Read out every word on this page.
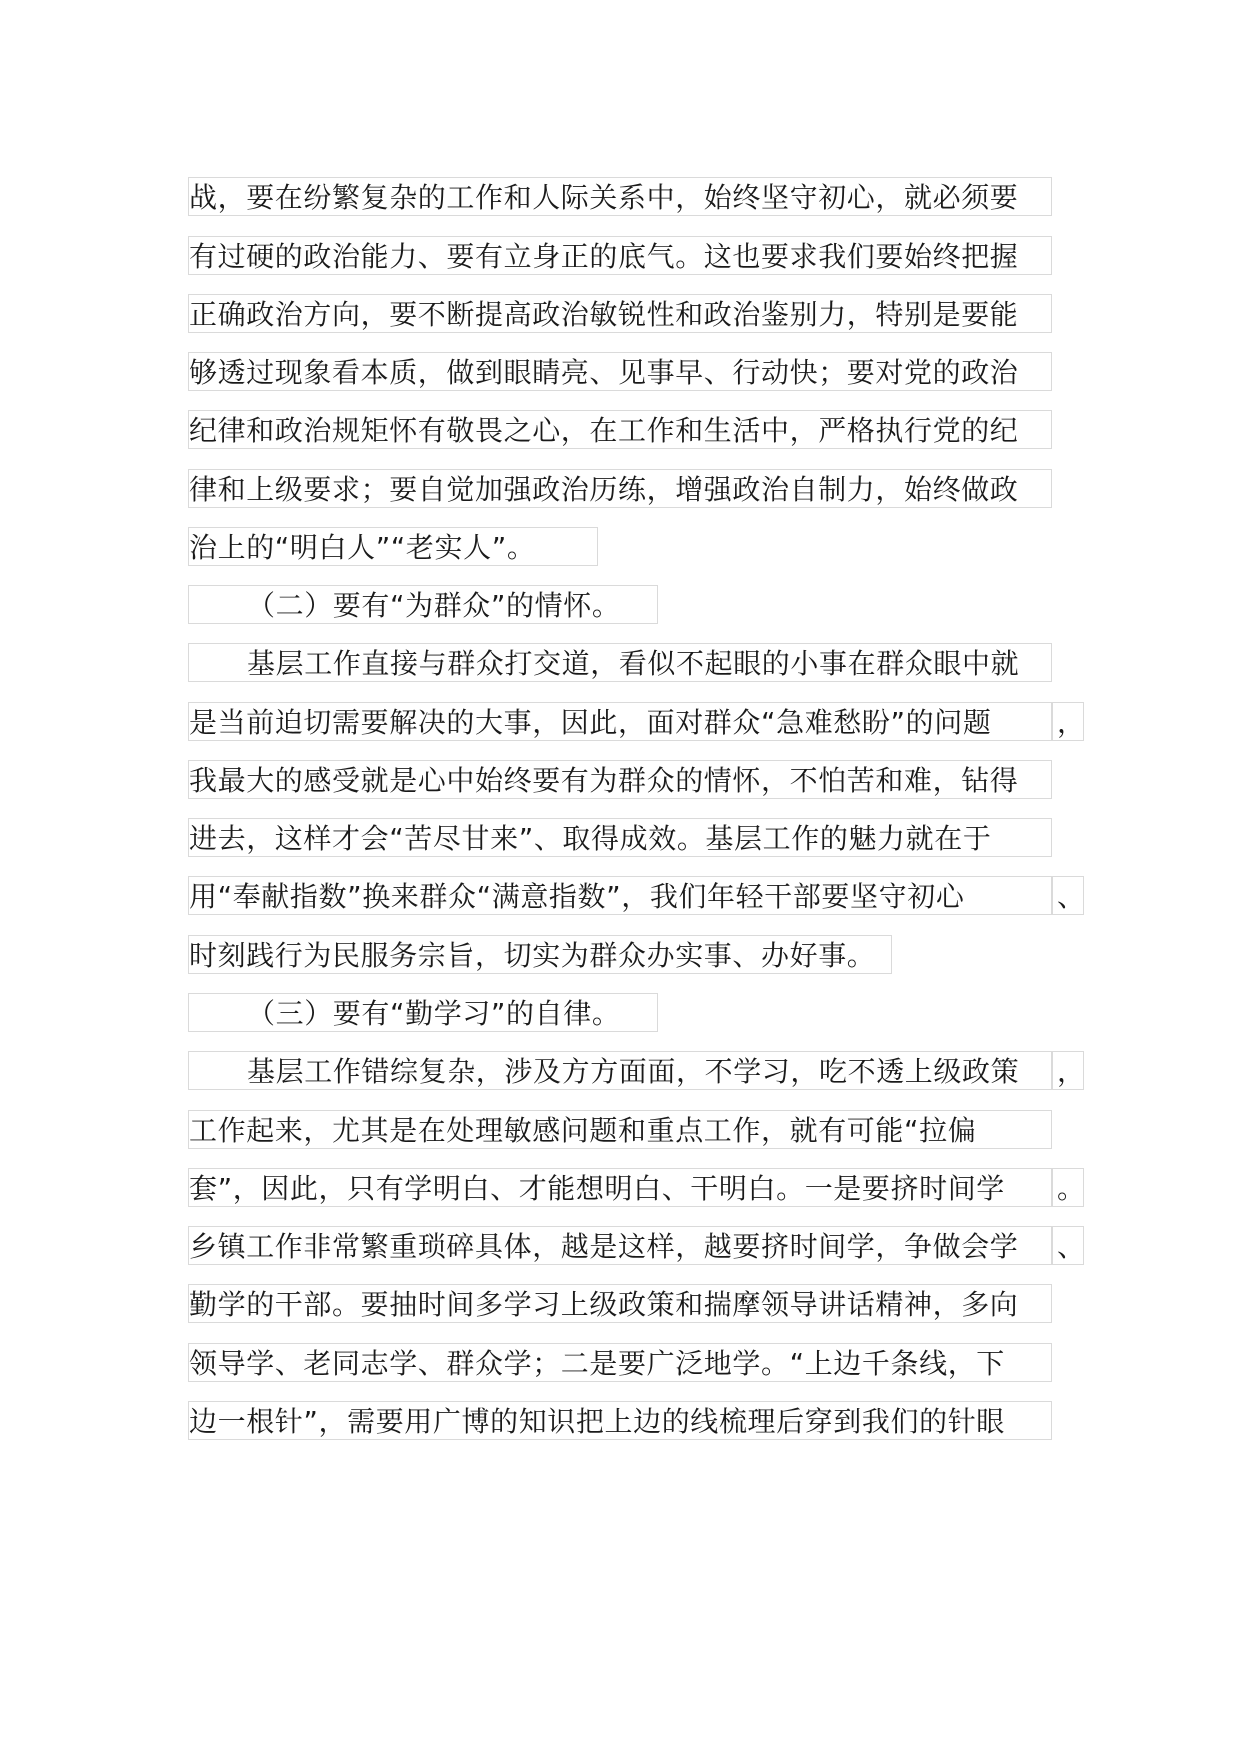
战，要在纷繁复杂的工作和人际关系中，始终坚守初心，就必须要
有过硬的政治能力、要有立身正的底气。这也要求我们要始终把握
正确政治方向，要不断提高政治敏锐性和政治鉴别力，特别是要能
够透过现象看本质，做到眼睛亮、见事早、行动快；要对党的政治
纪律和政治规矩怀有敬畏之心，在工作和生活中，严格执行党的纪
律和上级要求；要自觉加强政治历练，增强政治自制力，始终做政
治上的“明白人”“老实人”。
（二）要有“为群众”的情怀。
基层工作直接与群众打交道，看似不起眼的小事在群众眼中就
是当前迫切需要解决的大事，因此，面对群众“急难愁盼”的问题	，
我最大的感受就是心中始终要有为群众的情怀，不怕苦和难，钻得
进去，这样才会“苦尽甘来”、取得成效。基层工作的魅力就在于
用“奉献指数”换来群众“满意指数”，我们年轻干部要坚守初心	、
时刻践行为民服务宗旨，切实为群众办实事、办好事。
（三）要有“勤学习”的自律。
基层工作错综复杂，涉及方方面面，不学习，吃不透上级政策	，
工作起来，尤其是在处理敏感问题和重点工作，就有可能“拉偏
套”，因此，只有学明白、才能想明白、干明白。一是要挤时间学	。
乡镇工作非常繁重琐碎具体，越是这样，越要挤时间学，争做会学	、
勤学的干部。要抽时间多学习上级政策和揣摩领导讲话精神，多向
领导学、老同志学、群众学；二是要广泛地学。“上边千条线，下
边一根针”，需要用广博的知识把上边的线梳理后穿到我们的针眼
